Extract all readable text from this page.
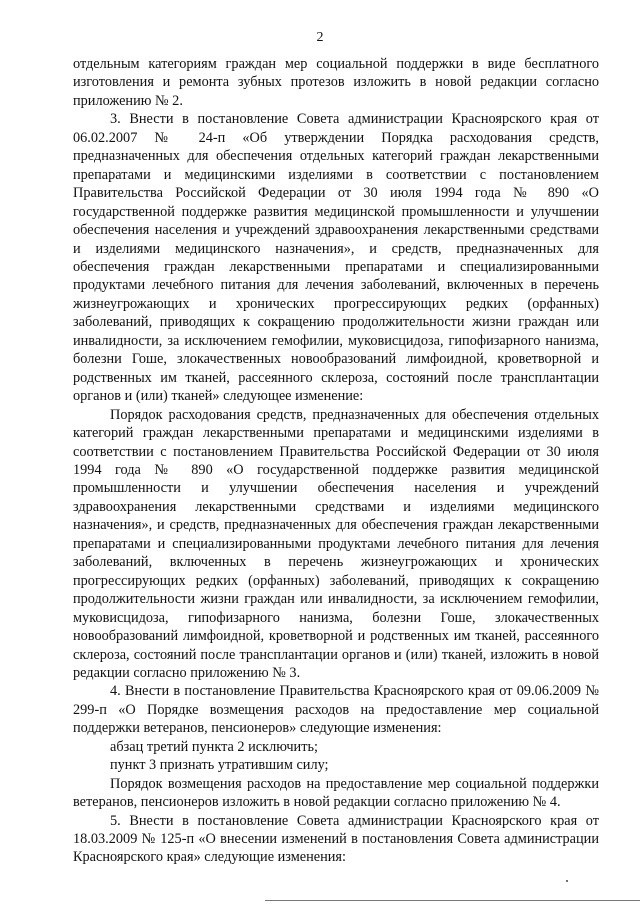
2

отдельным категориям граждан мер социальной поддержки в виде бесплатного изготовления и ремонта зубных протезов изложить в новой редакции согласно приложению № 2.

3. Внести в постановление Совета администрации Красноярского края от 06.02.2007 № 24-п «Об утверждении Порядка расходования средств, предназначенных для обеспечения отдельных категорий граждан лекарственными препаратами и медицинскими изделиями в соответствии с постановлением Правительства Российской Федерации от 30 июля 1994 года № 890 «О государственной поддержке развития медицинской промышленности и улучшении обеспечения населения и учреждений здравоохранения лекарственными средствами и изделиями медицинского назначения», и средств, предназначенных для обеспечения граждан лекарственными препаратами и специализированными продуктами лечебного питания для лечения заболеваний, включенных в перечень жизнеугрожающих и хронических прогрессирующих редких (орфанных) заболеваний, приводящих к сокращению продолжительности жизни граждан или инвалидности, за исключением гемофилии, муковисцидоза, гипофизарного нанизма, болезни Гоше, злокачественных новообразований лимфоидной, кроветворной и родственных им тканей, рассеянного склероза, состояний после трансплантации органов и (или) тканей» следующее изменение:

Порядок расходования средств, предназначенных для обеспечения отдельных категорий граждан лекарственными препаратами и медицинскими изделиями в соответствии с постановлением Правительства Российской Федерации от 30 июля 1994 года № 890 «О государственной поддержке развития медицинской промышленности и улучшении обеспечения населения и учреждений здравоохранения лекарственными средствами и изделиями медицинского назначения», и средств, предназначенных для обеспечения граждан лекарственными препаратами и специализированными продуктами лечебного питания для лечения заболеваний, включенных в перечень жизнеугрожающих и хронических прогрессирующих редких (орфанных) заболеваний, приводящих к сокращению продолжительности жизни граждан или инвалидности, за исключением гемофилии, муковисцидоза, гипофизарного нанизма, болезни Гоше, злокачественных новообразований лимфоидной, кроветворной и родственных им тканей, рассеянного склероза, состояний после трансплантации органов и (или) тканей, изложить в новой редакции согласно приложению № 3.

4. Внести в постановление Правительства Красноярского края от 09.06.2009 № 299-п «О Порядке возмещения расходов на предоставление мер социальной поддержки ветеранов, пенсионеров» следующие изменения:

абзац третий пункта 2 исключить;

пункт 3 признать утратившим силу;

Порядок возмещения расходов на предоставление мер социальной поддержки ветеранов, пенсионеров изложить в новой редакции согласно приложению № 4.

5. Внести в постановление Совета администрации Красноярского края от 18.03.2009 № 125-п «О внесении изменений в постановления Совета администрации Красноярского края» следующие изменения:
